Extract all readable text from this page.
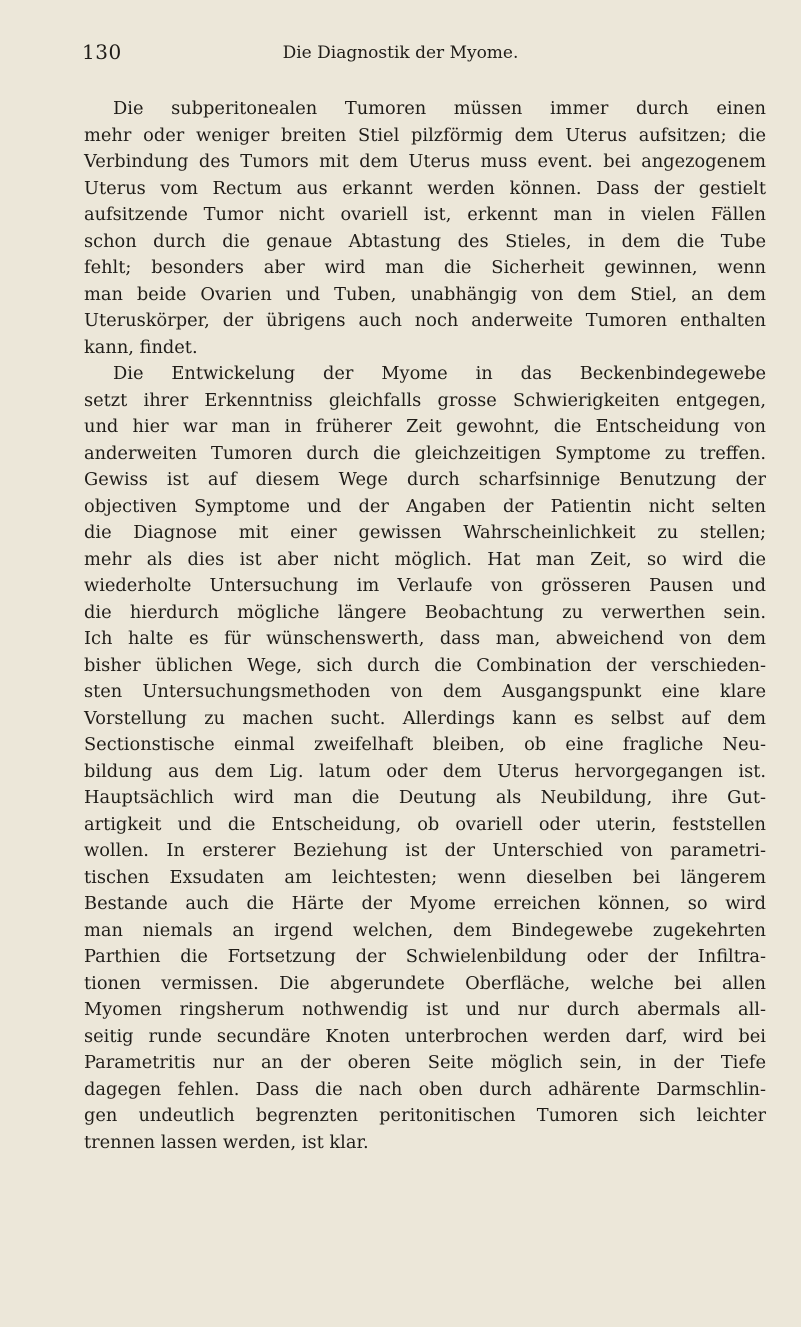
130	Die Diagnostik der Myome.
Die subperitonealen Tumoren müssen immer durch einen
mehr oder weniger breiten Stiel pilzförmig dem Uterus aufsitzen; die
Verbindung des Tumors mit dem Uterus muss event. bei angezogenem
Uterus vom Rectum aus erkannt werden können. Dass der gestielt
aufsitzende Tumor nicht ovariell ist, erkennt man in vielen Fällen
schon durch die genaue Abtastung des Stieles, in dem die Tube
fehlt; besonders aber wird man die Sicherheit gewinnen, wenn
man beide Ovarien und Tuben, unabhängig von dem Stiel, an dem
Uteruskörper, der übrigens auch noch anderweite Tumoren enthalten
kann, findet.
Die Entwickelung der Myome in das Beckenbindegewebe
setzt ihrer Erkenntniss gleichfalls grosse Schwierigkeiten entgegen,
und hier war man in früherer Zeit gewohnt, die Entscheidung von
anderweiten Tumoren durch die gleichzeitigen Symptome zu treffen.
Gewiss ist auf diesem Wege durch scharfsinnige Benutzung der
objectiven Symptome und der Angaben der Patientin nicht selten
die Diagnose mit einer gewissen Wahrscheinlichkeit zu stellen;
mehr als dies ist aber nicht möglich. Hat man Zeit, so wird die
wiederholte Untersuchung im Verlaufe von grösseren Pausen und
die hierdurch mögliche längere Beobachtung zu verwerthen sein.
Ich halte es für wünschenswerth, dass man, abweichend von dem
bisher üblichen Wege, sich durch die Combination der verschieden-
sten Untersuchungsmethoden von dem Ausgangspunkt eine klare
Vorstellung zu machen sucht. Allerdings kann es selbst auf dem
Sectionstische einmal zweifelhaft bleiben, ob eine fragliche Neu-
bildung aus dem Lig. latum oder dem Uterus hervorgegangen ist.
Hauptsächlich wird man die Deutung als Neubildung, ihre Gut-
artigkeit und die Entscheidung, ob ovariell oder uterin, feststellen
wollen. In ersterer Beziehung ist der Unterschied von parametri-
tischen Exsudaten am leichtesten; wenn dieselben bei längerem
Bestande auch die Härte der Myome erreichen können, so wird
man niemals an irgend welchen, dem Bindegewebe zugekehrten
Parthien die Fortsetzung der Schwielenbildung oder der Infiltra-
tionen vermissen. Die abgerundete Oberfläche, welche bei allen
Myomen ringsherum nothwendig ist und nur durch abermals all-
seitig runde secundäre Knoten unterbrochen werden darf, wird bei
Parametritis nur an der oberen Seite möglich sein, in der Tiefe
dagegen fehlen. Dass die nach oben durch adhärente Darmschlin-
gen undeutlich begrenzten peritonitischen Tumoren sich leichter
trennen lassen werden, ist klar.
